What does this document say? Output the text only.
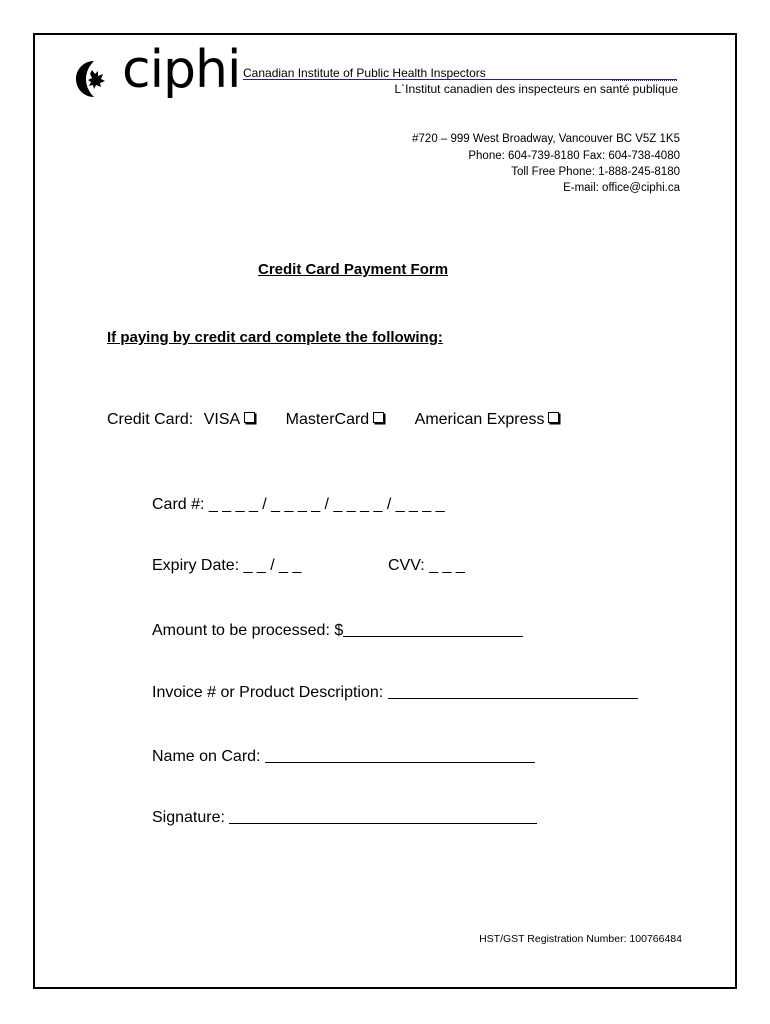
ciphi Canadian Institute of Public Health Inspectors
L`Institut canadien des inspecteurs en santé publique
#720 – 999 West Broadway, Vancouver BC V5Z 1K5
Phone: 604-739-8180 Fax: 604-738-4080
Toll Free Phone: 1-888-245-8180
E-mail: office@ciphi.ca
Credit Card Payment Form
If paying by credit card complete the following:
Credit Card: VISA	MasterCard	American Express
Card #: _ _ _ _ / _ _ _ _ / _ _ _ _ / _ _ _ _
Expiry Date: _ _ / _ _	CVV: _ _ _
Amount to be processed: $
Invoice # or Product Description:
Name on Card:
Signature:
HST/GST Registration Number: 100766484
